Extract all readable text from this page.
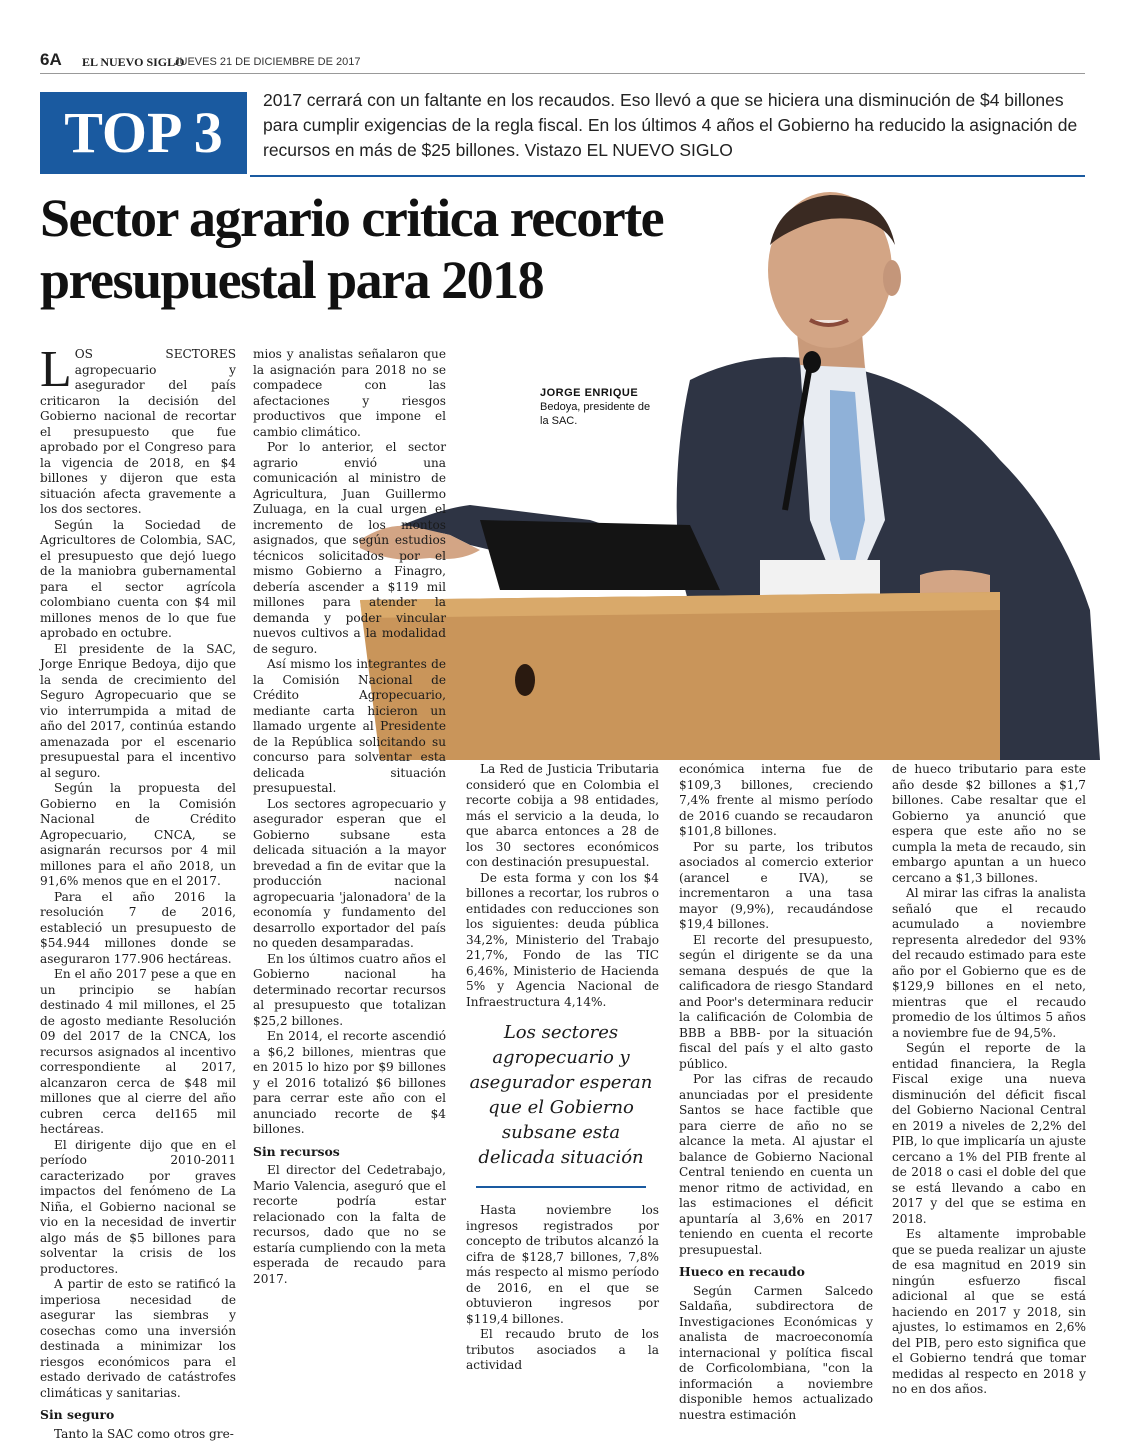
6A EL NUEVO SIGLO
JUEVES 21 DE DICIEMBRE DE 2017
TOP 3	2017 cerrará con un faltante en los recaudos. Eso llevó a que se hiciera una disminución de $4 billones para cumplir exigencias de la regla fiscal. En los últimos 4 años el Gobierno ha reducido la asignación de recursos en más de $25 billones. Vistazo EL NUEVO SIGLO
Sector agrario critica recorte presupuestal para 2018
JORGE ENRIQUE
Bedoya, presidente de la SAC.

LOS SECTORES agropecuario y asegurador del país criticaron la decisión del Gobierno nacional de recortar el presupuesto que fue aprobado por el Congreso para la vigencia de 2018, en $4 billones y dijeron que esta situación afecta gravemente a los dos sectores.

Según la Sociedad de Agricultores de Colombia, SAC, el presupuesto que dejó luego de la maniobra gubernamental para el sector agrícola colombiano cuenta con $4 mil millones menos de lo que fue aprobado en octubre.

El presidente de la SAC, Jorge Enrique Bedoya, dijo que la senda de crecimiento del Seguro Agropecuario que se vio interrumpida a mitad de año del 2017, continúa estando amenazada por el escenario presupuestal para el incentivo al seguro.

Según la propuesta del Gobierno en la Comisión Nacional de Crédito Agropecuario, CNCA, se asignarán recursos por 4 mil millones para el año 2018, un 91,6% menos que en el 2017.

Para el año 2016 la resolución 7 de 2016, estableció un presupuesto de $54.944 millones donde se aseguraron 177.906 hectáreas.

En el año 2017 pese a que en un principio se habían destinado 4 mil millones, el 25 de agosto mediante Resolución 09 del 2017 de la CNCA, los recursos asignados al incentivo correspondiente al 2017, alcanzaron cerca de $48 mil millones que al cierre del año cubren cerca del165 mil hectáreas.

El dirigente dijo que en el período 2010-2011 caracterizado por graves impactos del fenómeno de La Niña, el Gobierno nacional se vio en la necesidad de invertir algo más de $5 billones para solventar la crisis de los productores.

A partir de esto se ratificó la imperiosa necesidad de asegurar las siembras y cosechas como una inversión destinada a minimizar los riesgos económicos para el estado derivado de catástrofes climáticas y sanitarias.

Sin seguro

Tanto la SAC como otros gre-

mios y analistas señalaron que la asignación para 2018 no se compadece con las afectaciones y riesgos productivos que impone el cambio climático.

Por lo anterior, el sector agrario envió una comunicación al ministro de Agricultura, Juan Guillermo Zuluaga, en la cual urgen el incremento de los montos asignados, que según estudios técnicos solicitados por el mismo Gobierno a Finagro, debería ascender a $119 mil millones para atender la demanda y poder vincular nuevos cultivos a la modalidad de seguro.

Así mismo los integrantes de la Comisión Nacional de Crédito Agropecuario, mediante carta hicieron un llamado urgente al Presidente de la República solicitando su concurso para solventar esta delicada situación presupuestal.

Los sectores agropecuario y asegurador esperan que el Gobierno subsane esta delicada situación a la mayor brevedad a fin de evitar que la producción nacional agropecuaria 'jalonadora' de la economía y fundamento del desarrollo exportador del país no queden desamparadas.

En los últimos cuatro años el Gobierno nacional ha determinado recortar recursos al presupuesto que totalizan $25,2 billones.

En 2014, el recorte ascendió a $6,2 billones, mientras que en 2015 lo hizo por $9 billones y el 2016 totalizó $6 billones para cerrar este año con el anunciado recorte de $4 billones.

Sin recursos

El director del Cedetrabajo, Mario Valencia, aseguró que el recorte podría estar relacionado con la falta de recursos, dado que no se estaría cumpliendo con la meta esperada de recaudo para 2017.

La Red de Justicia Tributaria consideró que en Colombia el recorte cobija a 98 entidades, más el servicio a la deuda, lo que abarca entonces a 28 de los 30 sectores económicos con destinación presupuestal.

De esta forma y con los $4 billones a recortar, los rubros o entidades con reducciones son los siguientes: deuda pública 34,2%, Ministerio del Trabajo 21,7%, Fondo de las TIC 6,46%, Ministerio de Hacienda 5% y Agencia Nacional de Infraestructura 4,14%.

Los sectores agropecuario y asegurador esperan que el Gobierno subsane esta delicada situación

Hasta noviembre los ingresos registrados por concepto de tributos alcanzó la cifra de $128,7 billones, 7,8% más respecto al mismo período de 2016, en el que se obtuvieron ingresos por $119,4 billones.

El recaudo bruto de los tributos asociados a la actividad

económica interna fue de $109,3 billones, creciendo 7,4% frente al mismo período de 2016 cuando se recaudaron $101,8 billones.

Por su parte, los tributos asociados al comercio exterior (arancel e IVA), se incrementaron a una tasa mayor (9,9%), recaudándose $19,4 billones.

El recorte del presupuesto, según el dirigente se da una semana después de que la calificadora de riesgo Standard and Poor's determinara reducir la calificación de Colombia de BBB a BBB- por la situación fiscal del país y el alto gasto público.

Por las cifras de recaudo anunciadas por el presidente Santos se hace factible que para cierre de año no se alcance la meta. Al ajustar el balance de Gobierno Nacional Central teniendo en cuenta un menor ritmo de actividad, en las estimaciones el déficit apuntaría al 3,6% en 2017 teniendo en cuenta el recorte presupuestal.

Hueco en recaudo

Según Carmen Salcedo Saldaña, subdirectora de Investigaciones Económicas y analista de macroeconomía internacional y política fiscal de Corficolombiana, "con la información a noviembre disponible hemos actualizado nuestra estimación

de hueco tributario para este año desde $2 billones a $1,7 billones. Cabe resaltar que el Gobierno ya anunció que espera que este año no se cumpla la meta de recaudo, sin embargo apuntan a un hueco cercano a $1,3 billones.

Al mirar las cifras la analista señaló que el recaudo acumulado a noviembre representa alrededor del 93% del recaudo estimado para este año por el Gobierno que es de $129,9 billones en el neto, mientras que el recaudo promedio de los últimos 5 años a noviembre fue de 94,5%.

Según el reporte de la entidad financiera, la Regla Fiscal exige una nueva disminución del déficit fiscal del Gobierno Nacional Central en 2019 a niveles de 2,2% del PIB, lo que implicaría un ajuste cercano a 1% del PIB frente al de 2018 o casi el doble del que se está llevando a cabo en 2017 y del que se estima en 2018.

Es altamente improbable que se pueda realizar un ajuste de esa magnitud en 2019 sin ningún esfuerzo fiscal adicional al que se está haciendo en 2017 y 2018, sin ajustes, lo estimamos en 2,6% del PIB, pero esto significa que el Gobierno tendrá que tomar medidas al respecto en 2018 y no en dos años.
